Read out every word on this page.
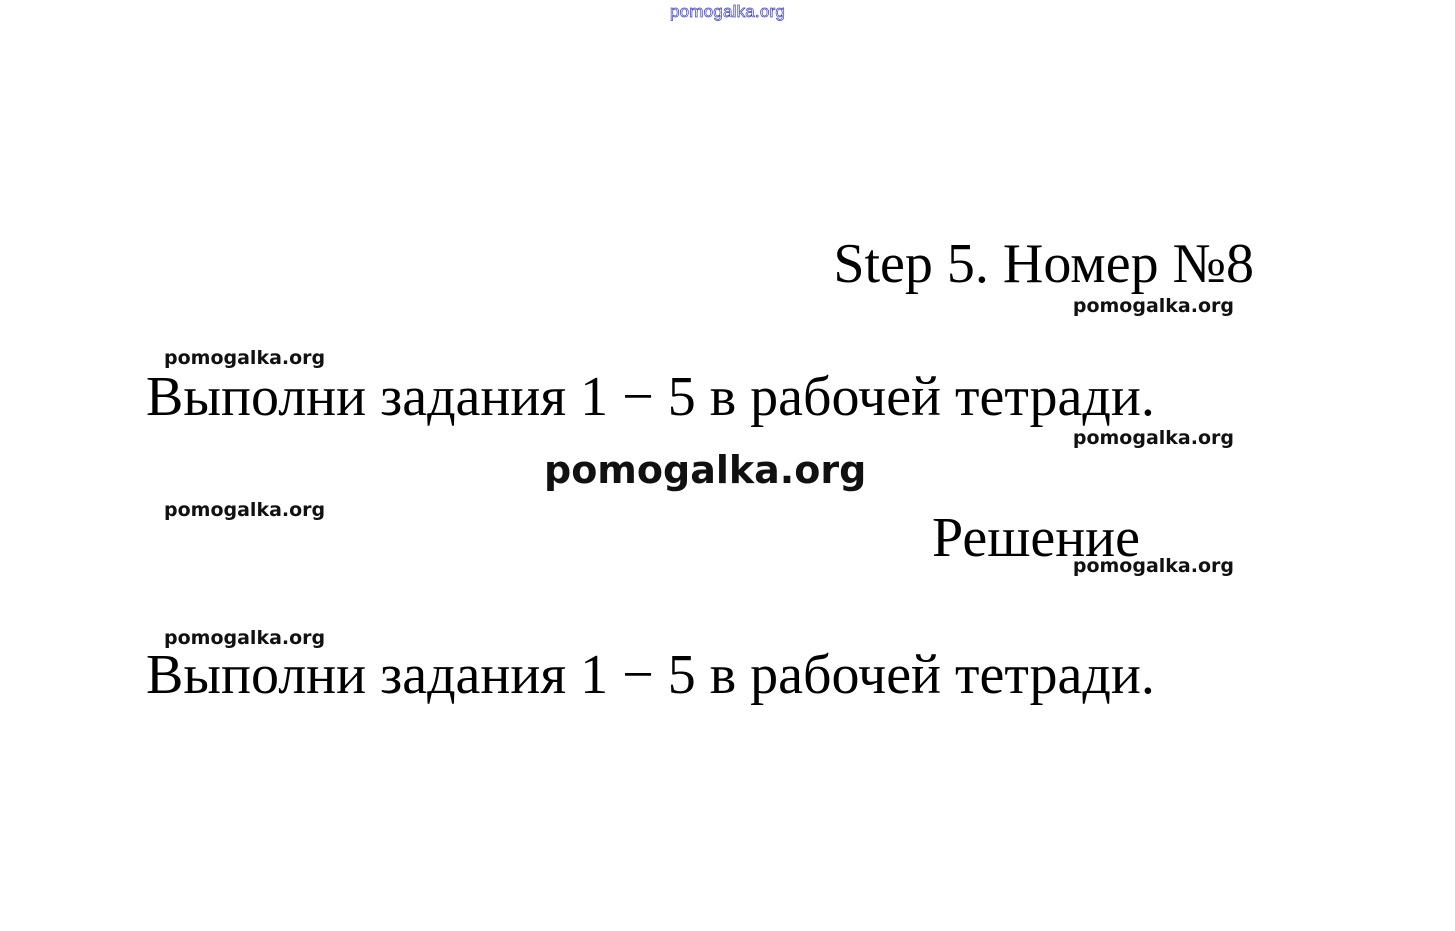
pomogalka.org
Step 5. Номер №8
pomogalka.org
pomogalka.org

Выполни задания 1 − 5 в рабочей тетради.

pomogalka.org
pomogalka.org
pomogalka.org	Решение
pomogalka.org
pomogalka.org

Выполни задания 1 − 5 в рабочей тетради.
